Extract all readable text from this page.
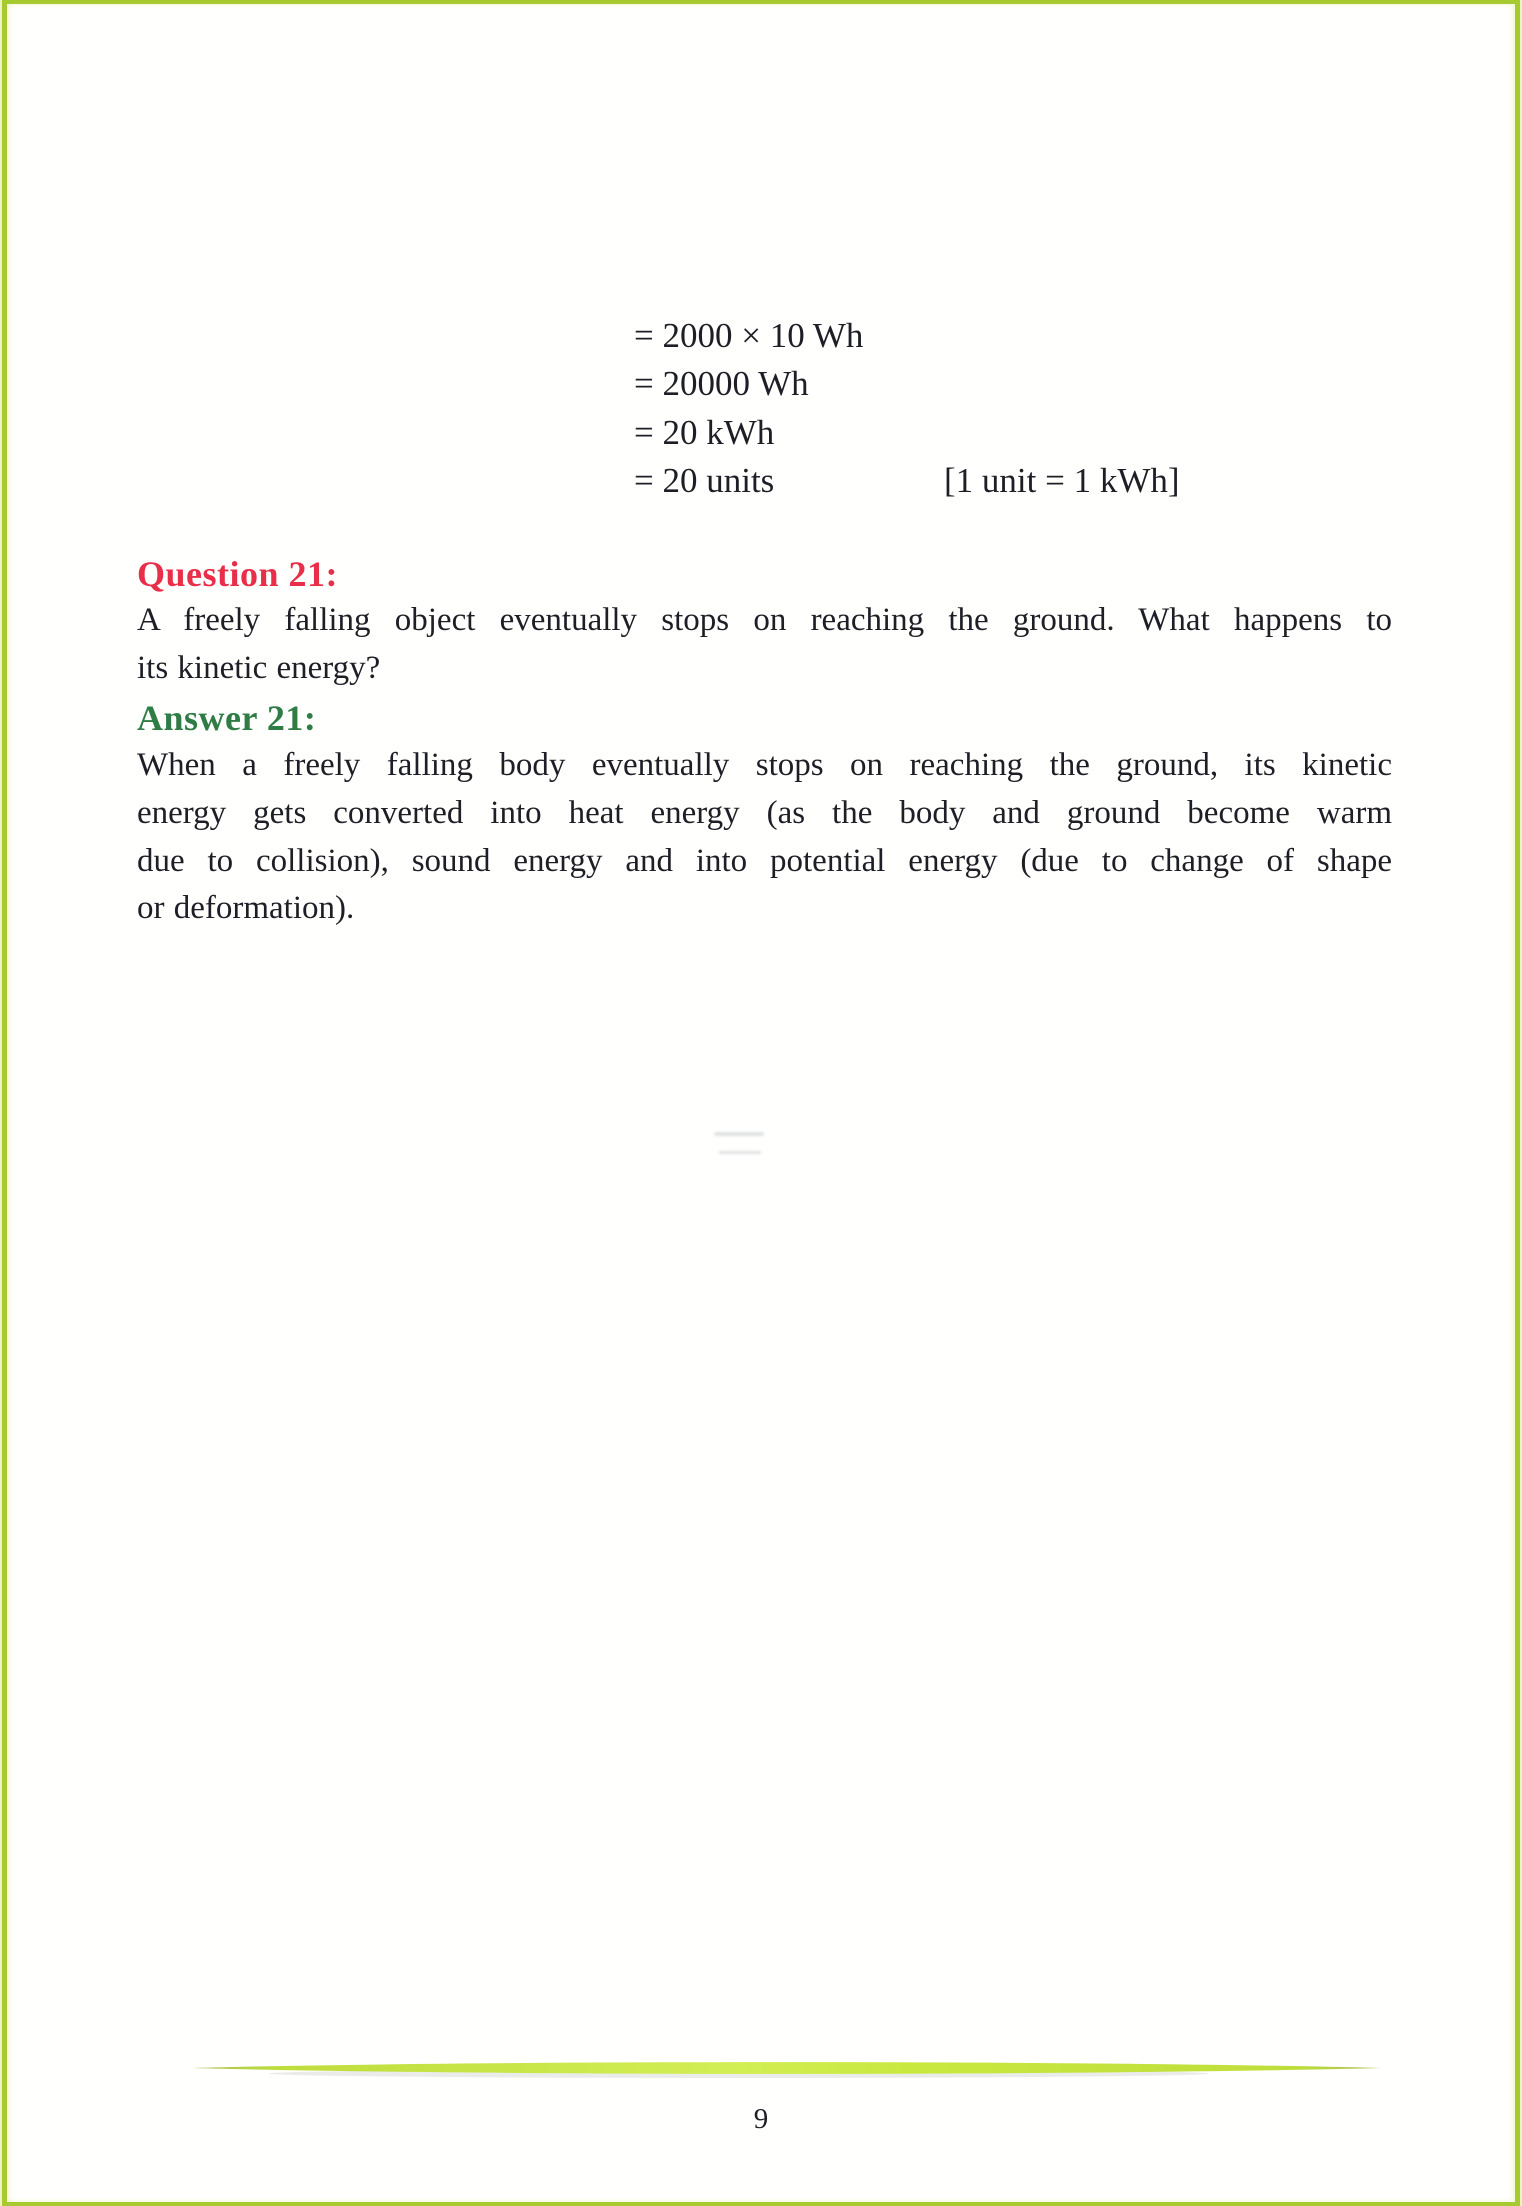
= 2000 × 10 Wh
= 20000 Wh
= 20 kWh
= 20 units	[1 unit = 1 kWh]
Question 21:
A freely falling object eventually stops on reaching the ground. What happens to
its kinetic energy?
Answer 21:
When a freely falling body eventually stops on reaching the ground, its kinetic
energy gets converted into heat energy (as the body and ground become warm
due to collision), sound energy and into potential energy (due to change of shape
or deformation).
9
